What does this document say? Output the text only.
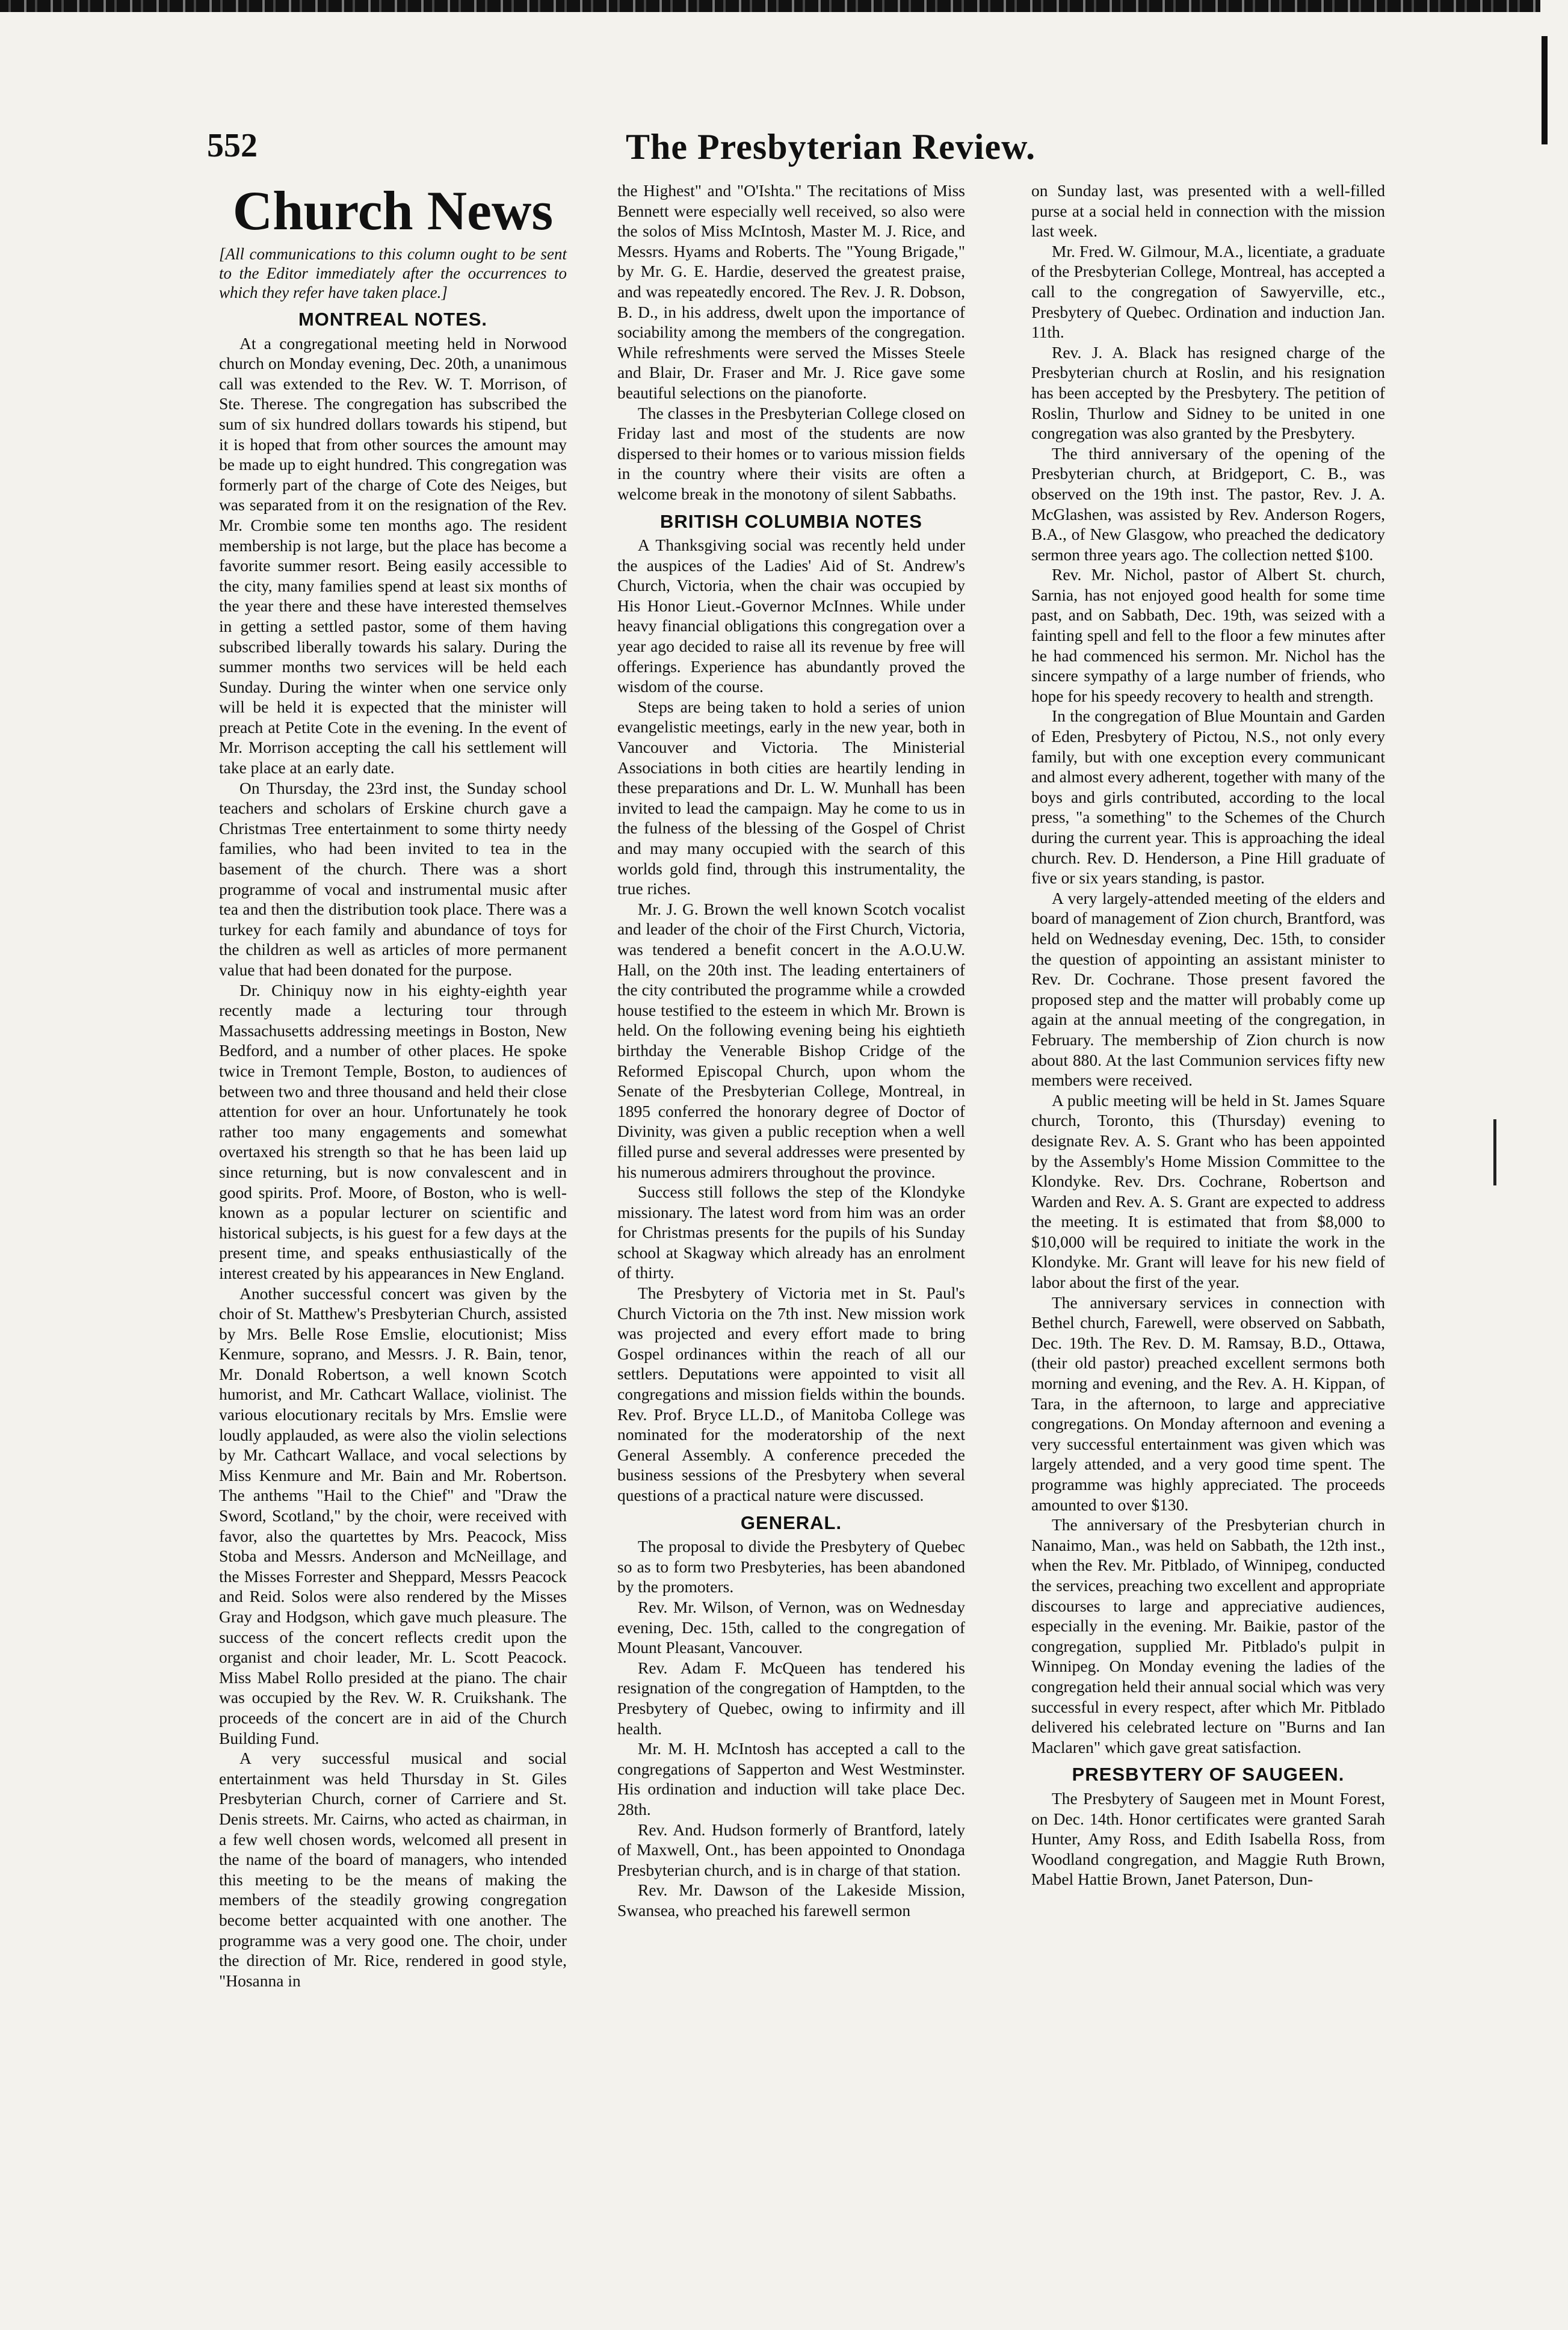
552	The Presbyterian Review.
Church News
[All communications to this column ought to be sent to the Editor immediately after the occurrences to which they refer have taken place.]
MONTREAL NOTES.

At a congregational meeting held in Norwood church on Monday evening, Dec. 20th, a unanimous call was extended to the Rev. W. T. Morrison, of Ste. Therese. The congregation has subscribed the sum of six hundred dollars towards his stipend, but it is hoped that from other sources the amount may be made up to eight hundred. This congregation was formerly part of the charge of Cote des Neiges, but was separated from it on the resignation of the Rev. Mr. Crombie some ten months ago. The resident membership is not large, but the place has become a favorite summer resort. Being easily accessible to the city, many families spend at least six months of the year there and these have interested themselves in getting a settled pastor, some of them having subscribed liberally towards his salary. During the summer months two services will be held each Sunday. During the winter when one service only will be held it is expected that the minister will preach at Petite Cote in the evening. In the event of Mr. Morrison accepting the call his settlement will take place at an early date.

On Thursday, the 23rd inst, the Sunday school teachers and scholars of Erskine church gave a Christmas Tree entertainment to some thirty needy families, who had been invited to tea in the basement of the church. There was a short programme of vocal and instrumental music after tea and then the distribution took place. There was a turkey for each family and abundance of toys for the children as well as articles of more permanent value that had been donated for the purpose.

Dr. Chiniquy now in his eighty-eighth year recently made a lecturing tour through Massachusetts addressing meetings in Boston, New Bedford, and a number of other places. He spoke twice in Tremont Temple, Boston, to audiences of between two and three thousand and held their close attention for over an hour. Unfortunately he took rather too many engagements and somewhat overtaxed his strength so that he has been laid up since returning, but is now convalescent and in good spirits. Prof. Moore, of Boston, who is well-known as a popular lecturer on scientific and historical subjects, is his guest for a few days at the present time, and speaks enthusiastically of the interest created by his appearances in New England.

Another successful concert was given by the choir of St. Matthew's Presbyterian Church, assisted by Mrs. Belle Rose Emslie, elocutionist; Miss Kenmure, soprano, and Messrs. J. R. Bain, tenor, Mr. Donald Robertson, a well known Scotch humorist, and Mr. Cathcart Wallace, violinist. The various elocutionary recitals by Mrs. Emslie were loudly applauded, as were also the violin selections by Mr. Cathcart Wallace, and vocal selections by Miss Kenmure and Mr. Bain and Mr. Robertson. The anthems "Hail to the Chief" and "Draw the Sword, Scotland," by the choir, were received with favor, also the quartettes by Mrs. Peacock, Miss Stoba and Messrs. Anderson and McNeillage, and the Misses Forrester and Sheppard, Messrs Peacock and Reid. Solos were also rendered by the Misses Gray and Hodgson, which gave much pleasure. The success of the concert reflects credit upon the organist and choir leader, Mr. L. Scott Peacock. Miss Mabel Rollo presided at the piano. The chair was occupied by the Rev. W. R. Cruikshank. The proceeds of the concert are in aid of the Church Building Fund.

A very successful musical and social entertainment was held Thursday in St. Giles Presbyterian Church, corner of Carriere and St. Denis streets. Mr. Cairns, who acted as chairman, in a few well chosen words, welcomed all present in the name of the board of managers, who intended this meeting to be the means of making the members of the steadily growing congregation become better acquainted with one another. The programme was a very good one. The choir, under the direction of Mr. Rice, rendered in good style, "Hosanna in

the Highest" and "O'Ishta." The recitations of Miss Bennett were especially well received, so also were the solos of Miss McIntosh, Master M. J. Rice, and Messrs. Hyams and Roberts. The "Young Brigade," by Mr. G. E. Hardie, deserved the greatest praise, and was repeatedly encored. The Rev. J. R. Dobson, B. D., in his address, dwelt upon the importance of sociability among the members of the congregation. While refreshments were served the Misses Steele and Blair, Dr. Fraser and Mr. J. Rice gave some beautiful selections on the pianoforte.

The classes in the Presbyterian College closed on Friday last and most of the students are now dispersed to their homes or to various mission fields in the country where their visits are often a welcome break in the monotony of silent Sabbaths.

BRITISH COLUMBIA NOTES

A Thanksgiving social was recently held under the auspices of the Ladies' Aid of St. Andrew's Church, Victoria, when the chair was occupied by His Honor Lieut.-Governor McInnes. While under heavy financial obligations this congregation over a year ago decided to raise all its revenue by free will offerings. Experience has abundantly proved the wisdom of the course.

Steps are being taken to hold a series of union evangelistic meetings, early in the new year, both in Vancouver and Victoria. The Ministerial Associations in both cities are heartily lending in these preparations and Dr. L. W. Munhall has been invited to lead the campaign. May he come to us in the fulness of the blessing of the Gospel of Christ and may many occupied with the search of this worlds gold find, through this instrumentality, the true riches.

Mr. J. G. Brown the well known Scotch vocalist and leader of the choir of the First Church, Victoria, was tendered a benefit concert in the A.O.U.W. Hall, on the 20th inst. The leading entertainers of the city contributed the programme while a crowded house testified to the esteem in which Mr. Brown is held. On the following evening being his eightieth birthday the Venerable Bishop Cridge of the Reformed Episcopal Church, upon whom the Senate of the Presbyterian College, Montreal, in 1895 conferred the honorary degree of Doctor of Divinity, was given a public reception when a well filled purse and several addresses were presented by his numerous admirers throughout the province.

Success still follows the step of the Klondyke missionary. The latest word from him was an order for Christmas presents for the pupils of his Sunday school at Skagway which already has an enrolment of thirty.

The Presbytery of Victoria met in St. Paul's Church Victoria on the 7th inst. New mission work was projected and every effort made to bring Gospel ordinances within the reach of all our settlers. Deputations were appointed to visit all congregations and mission fields within the bounds. Rev. Prof. Bryce LL.D., of Manitoba College was nominated for the moderatorship of the next General Assembly. A conference preceded the business sessions of the Presbytery when several questions of a practical nature were discussed.

GENERAL.

The proposal to divide the Presbytery of Quebec so as to form two Presbyteries, has been abandoned by the promoters.

Rev. Mr. Wilson, of Vernon, was on Wednesday evening, Dec. 15th, called to the congregation of Mount Pleasant, Vancouver.

Rev. Adam F. McQueen has tendered his resignation of the congregation of Hamptden, to the Presbytery of Quebec, owing to infirmity and ill health.

Mr. M. H. McIntosh has accepted a call to the congregations of Sapperton and West Westminster. His ordination and induction will take place Dec. 28th.

Rev. And. Hudson formerly of Brantford, lately of Maxwell, Ont., has been appointed to Onondaga Presbyterian church, and is in charge of that station.

Rev. Mr. Dawson of the Lakeside Mission, Swansea, who preached his farewell sermon

on Sunday last, was presented with a well-filled purse at a social held in connection with the mission last week.

Mr. Fred. W. Gilmour, M.A., licentiate, a graduate of the Presbyterian College, Montreal, has accepted a call to the congregation of Sawyerville, etc., Presbytery of Quebec. Ordination and induction Jan. 11th.

Rev. J. A. Black has resigned charge of the Presbyterian church at Roslin, and his resignation has been accepted by the Presbytery. The petition of Roslin, Thurlow and Sidney to be united in one congregation was also granted by the Presbytery.

The third anniversary of the opening of the Presbyterian church, at Bridgeport, C. B., was observed on the 19th inst. The pastor, Rev. J. A. McGlashen, was assisted by Rev. Anderson Rogers, B.A., of New Glasgow, who preached the dedicatory sermon three years ago. The collection netted $100.

Rev. Mr. Nichol, pastor of Albert St. church, Sarnia, has not enjoyed good health for some time past, and on Sabbath, Dec. 19th, was seized with a fainting spell and fell to the floor a few minutes after he had commenced his sermon. Mr. Nichol has the sincere sympathy of a large number of friends, who hope for his speedy recovery to health and strength.

In the congregation of Blue Mountain and Garden of Eden, Presbytery of Pictou, N.S., not only every family, but with one exception every communicant and almost every adherent, together with many of the boys and girls contributed, according to the local press, "a something" to the Schemes of the Church during the current year. This is approaching the ideal church. Rev. D. Henderson, a Pine Hill graduate of five or six years standing, is pastor.

A very largely-attended meeting of the elders and board of management of Zion church, Brantford, was held on Wednesday evening, Dec. 15th, to consider the question of appointing an assistant minister to Rev. Dr. Cochrane. Those present favored the proposed step and the matter will probably come up again at the annual meeting of the congregation, in February. The membership of Zion church is now about 880. At the last Communion services fifty new members were received.

A public meeting will be held in St. James Square church, Toronto, this (Thursday) evening to designate Rev. A. S. Grant who has been appointed by the Assembly's Home Mission Committee to the Klondyke. Rev. Drs. Cochrane, Robertson and Warden and Rev. A. S. Grant are expected to address the meeting. It is estimated that from $8,000 to $10,000 will be required to initiate the work in the Klondyke. Mr. Grant will leave for his new field of labor about the first of the year.

The anniversary services in connection with Bethel church, Farewell, were observed on Sabbath, Dec. 19th. The Rev. D. M. Ramsay, B.D., Ottawa, (their old pastor) preached excellent sermons both morning and evening, and the Rev. A. H. Kippan, of Tara, in the afternoon, to large and appreciative congregations. On Monday afternoon and evening a very successful entertainment was given which was largely attended, and a very good time spent. The programme was highly appreciated. The proceeds amounted to over $130.

The anniversary of the Presbyterian church in Nanaimo, Man., was held on Sabbath, the 12th inst., when the Rev. Mr. Pitblado, of Winnipeg, conducted the services, preaching two excellent and appropriate discourses to large and appreciative audiences, especially in the evening. Mr. Baikie, pastor of the congregation, supplied Mr. Pitblado's pulpit in Winnipeg. On Monday evening the ladies of the congregation held their annual social which was very successful in every respect, after which Mr. Pitblado delivered his celebrated lecture on "Burns and Ian Maclaren" which gave great satisfaction.

PRESBYTERY OF SAUGEEN.

The Presbytery of Saugeen met in Mount Forest, on Dec. 14th. Honor certificates were granted Sarah Hunter, Amy Ross, and Edith Isabella Ross, from Woodland congregation, and Maggie Ruth Brown, Mabel Hattie Brown, Janet Paterson, Dun-
